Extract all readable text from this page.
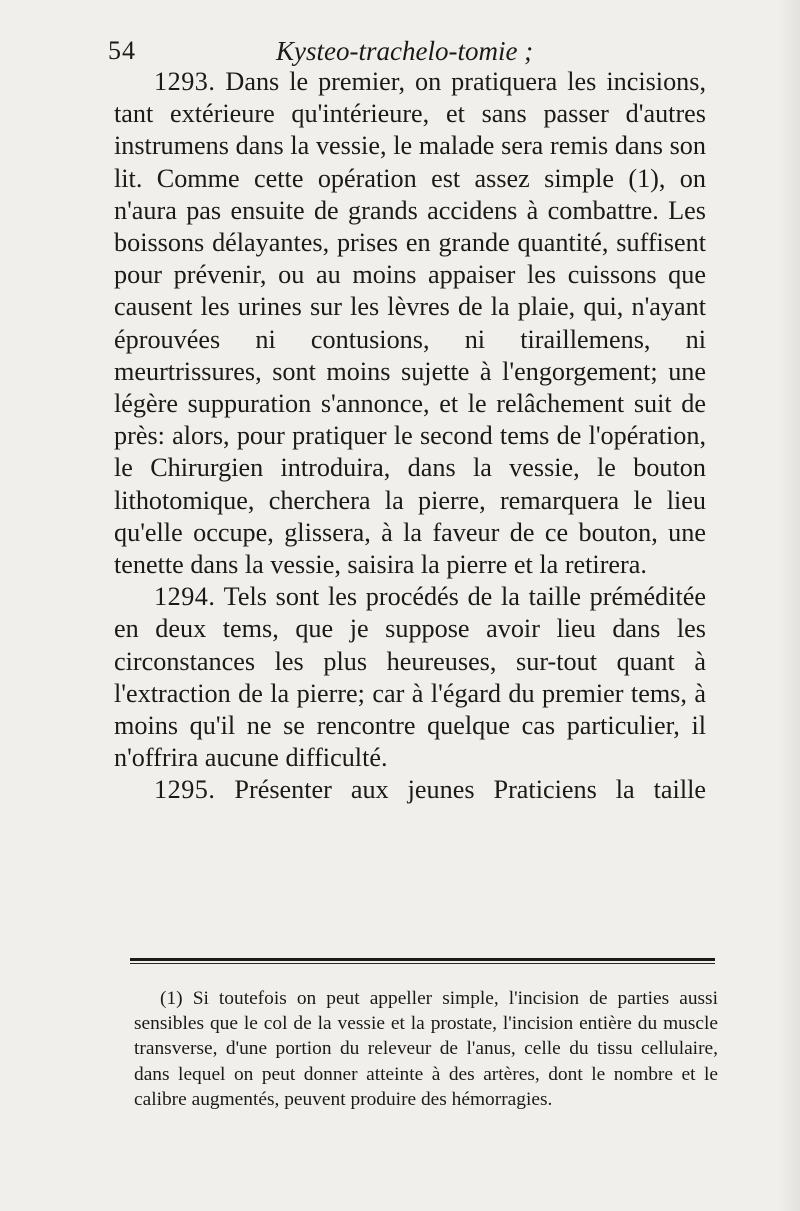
54	Kysteo-trachelo-tomie ;

1293. Dans le premier, on pratiquera les incisions, tant extérieure qu'intérieure, et sans passer d'autres instrumens dans la vessie, le malade sera remis dans son lit. Comme cette opération est assez simple (1), on n'aura pas ensuite de grands accidens à combattre. Les boissons délayantes, prises en grande quantité, suffisent pour prévenir, ou au moins appaiser les cuissons que causent les urines sur les lèvres de la plaie, qui, n'ayant éprouvées ni contusions, ni tiraillemens, ni meurtrissures, sont moins sujette à l'engorgement; une légère suppuration s'annonce, et le relâchement suit de près: alors, pour pratiquer le second tems de l'opération, le Chirurgien introduira, dans la vessie, le bouton lithotomique, cherchera la pierre, remarquera le lieu qu'elle occupe, glissera, à la faveur de ce bouton, une tenette dans la vessie, saisira la pierre et la retirera.

1294. Tels sont les procédés de la taille préméditée en deux tems, que je suppose avoir lieu dans les circonstances les plus heureuses, sur-tout quant à l'extraction de la pierre; car à l'égard du premier tems, à moins qu'il ne se rencontre quelque cas particulier, il n'offrira aucune difficulté.

1295. Présenter aux jeunes Praticiens la taille

(1) Si toutefois on peut appeller simple, l'incision de parties aussi sensibles que le col de la vessie et la prostate, l'incision entière du muscle transverse, d'une portion du releveur de l'anus, celle du tissu cellulaire, dans lequel on peut donner atteinte à des artères, dont le nombre et le calibre augmentés, peuvent produire des hémorragies.
